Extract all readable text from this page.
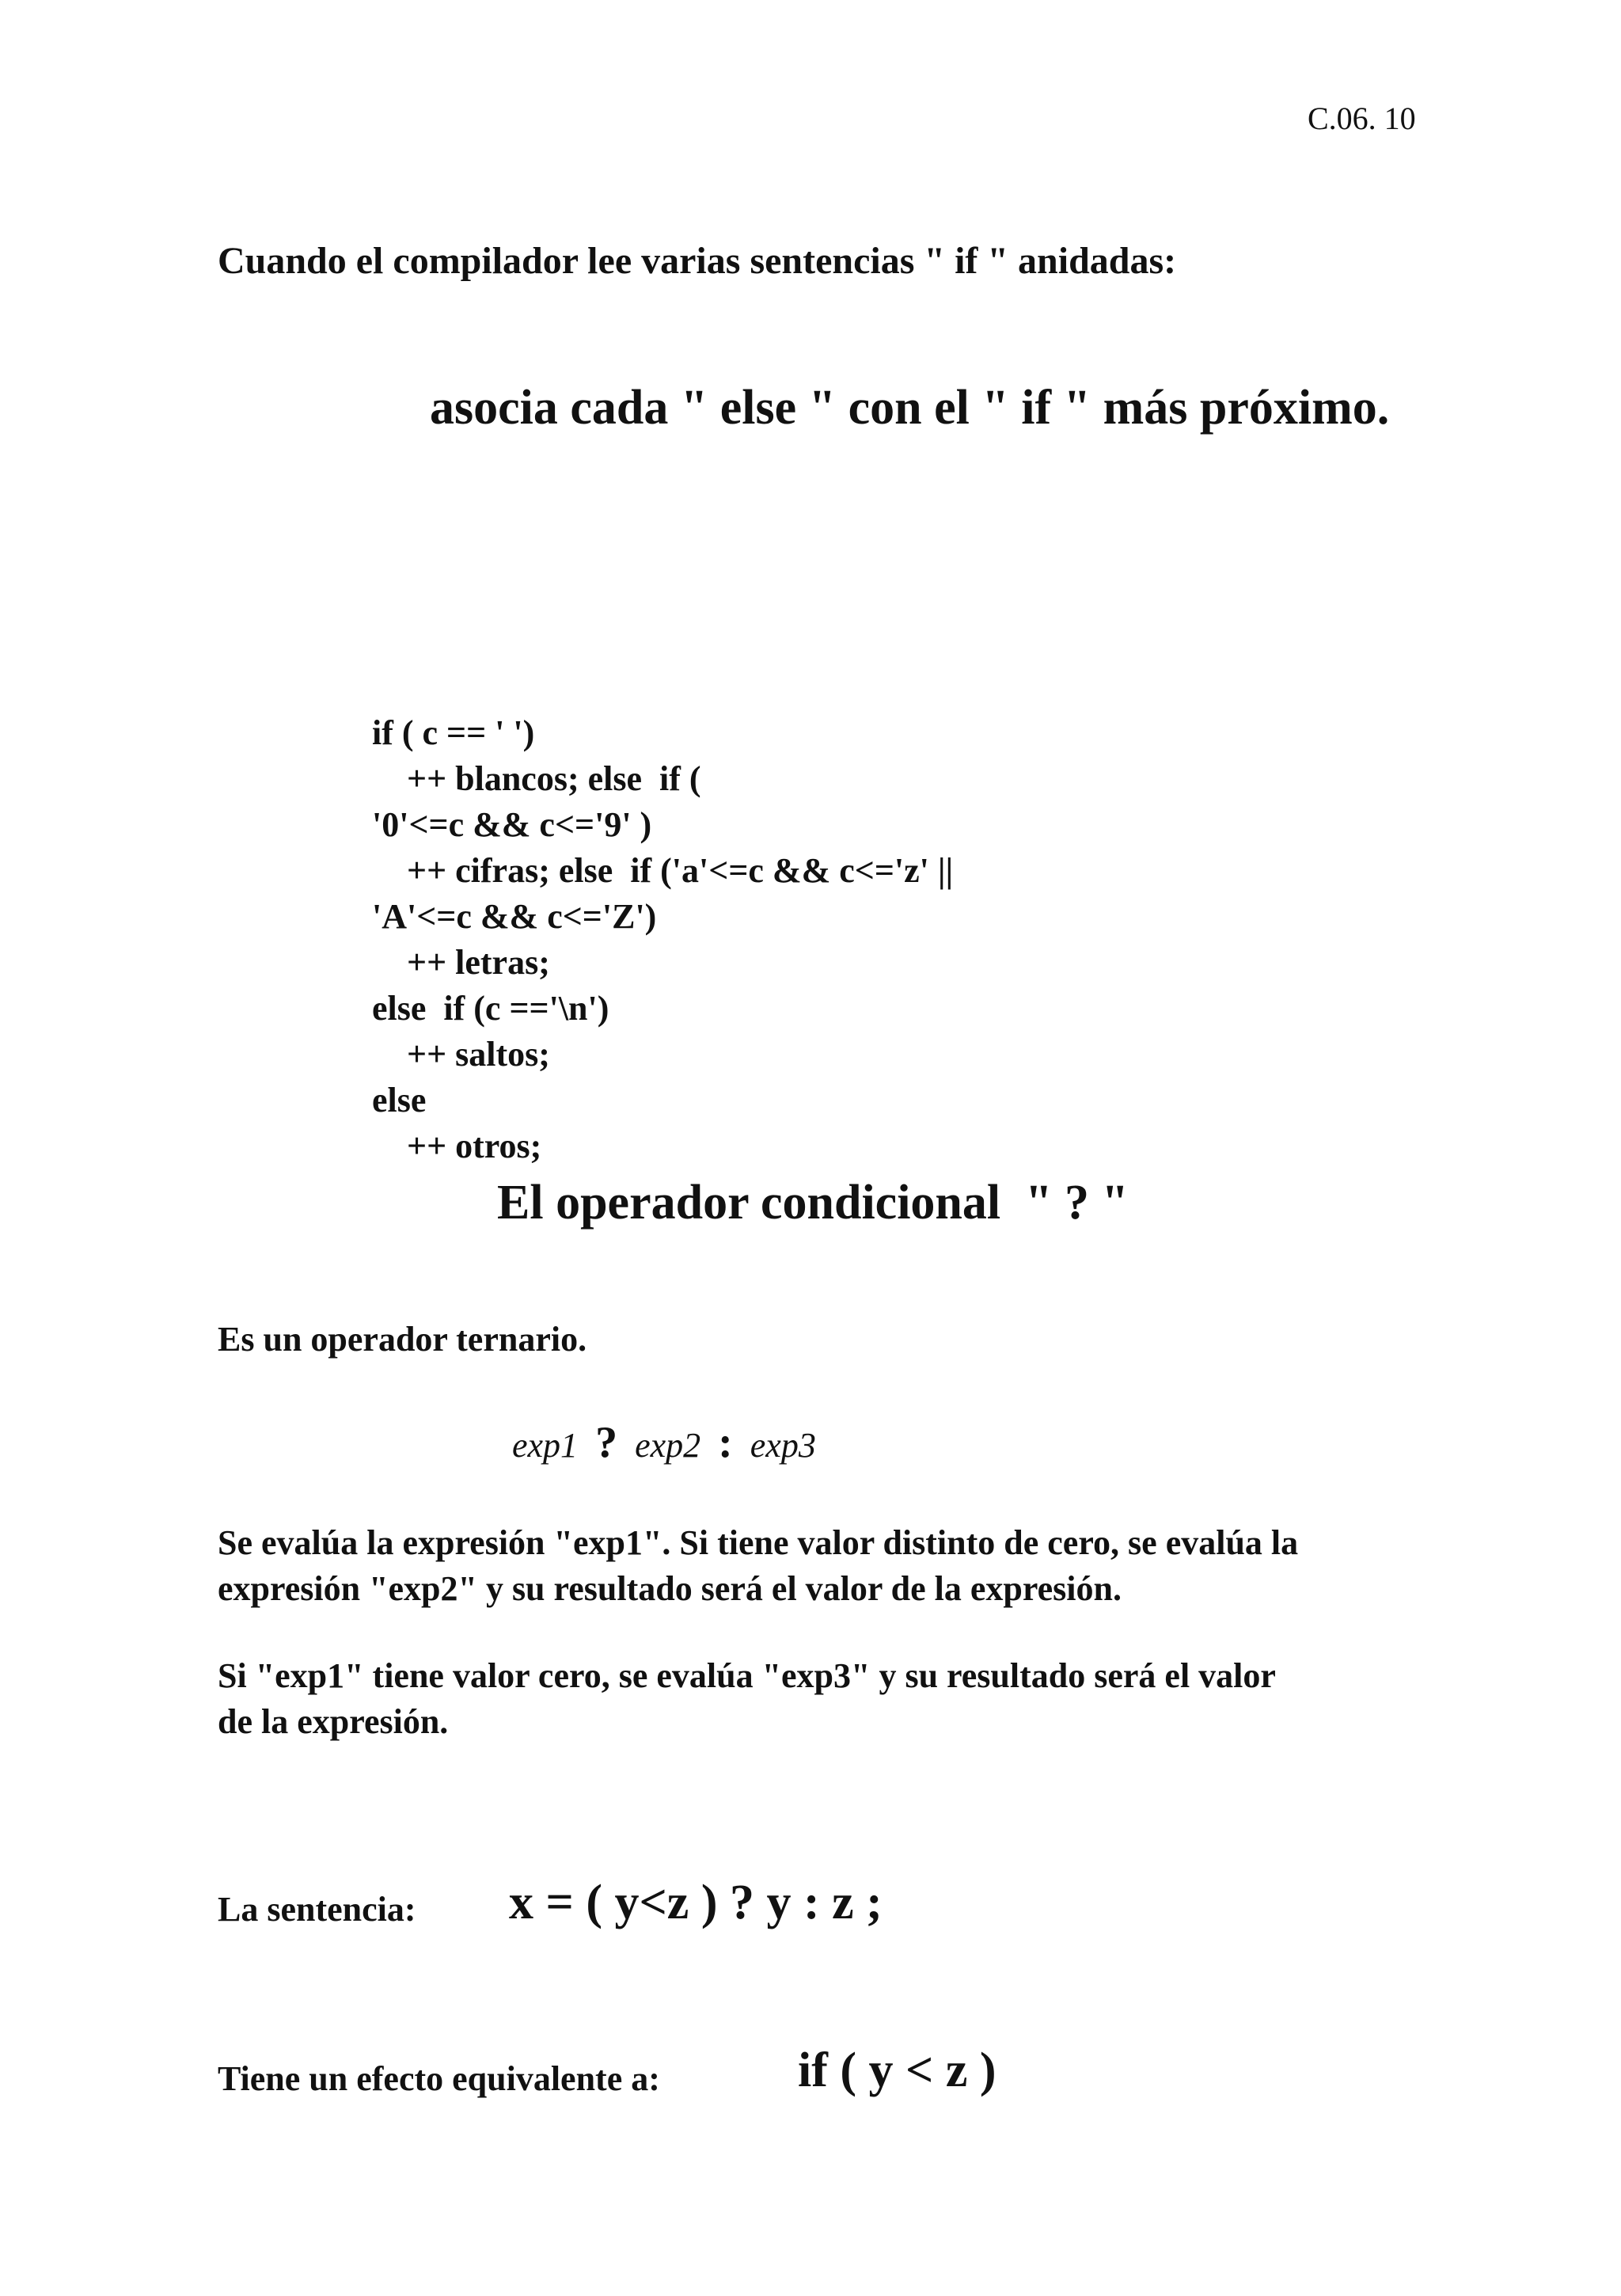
C.06. 10
Cuando el compilador lee varias sentencias " if " anidadas:
asocia cada " else " con el " if " más próximo.
if ( c == ' ')
++ blancos; else  if (
'0'<=c && c<='9' )
++ cifras; else  if ('a'<=c && c<='z' ||
'A'<=c && c<='Z')
++ letras;
else  if (c =='\n')
++ saltos;
else
++ otros;
El operador condicional  " ? "
Es un operador ternario.
exp1 ? exp2 : exp3
Se evalúa la expresión "exp1". Si tiene valor distinto de cero, se evalúa la
expresión "exp2" y su resultado será el valor de la expresión.
Si "exp1" tiene valor cero, se evalúa "exp3" y su resultado será el valor
de la expresión.
La sentencia: x = ( y<z ) ? y : z ;
Tiene un efecto equivalente a:	if ( y < z )
